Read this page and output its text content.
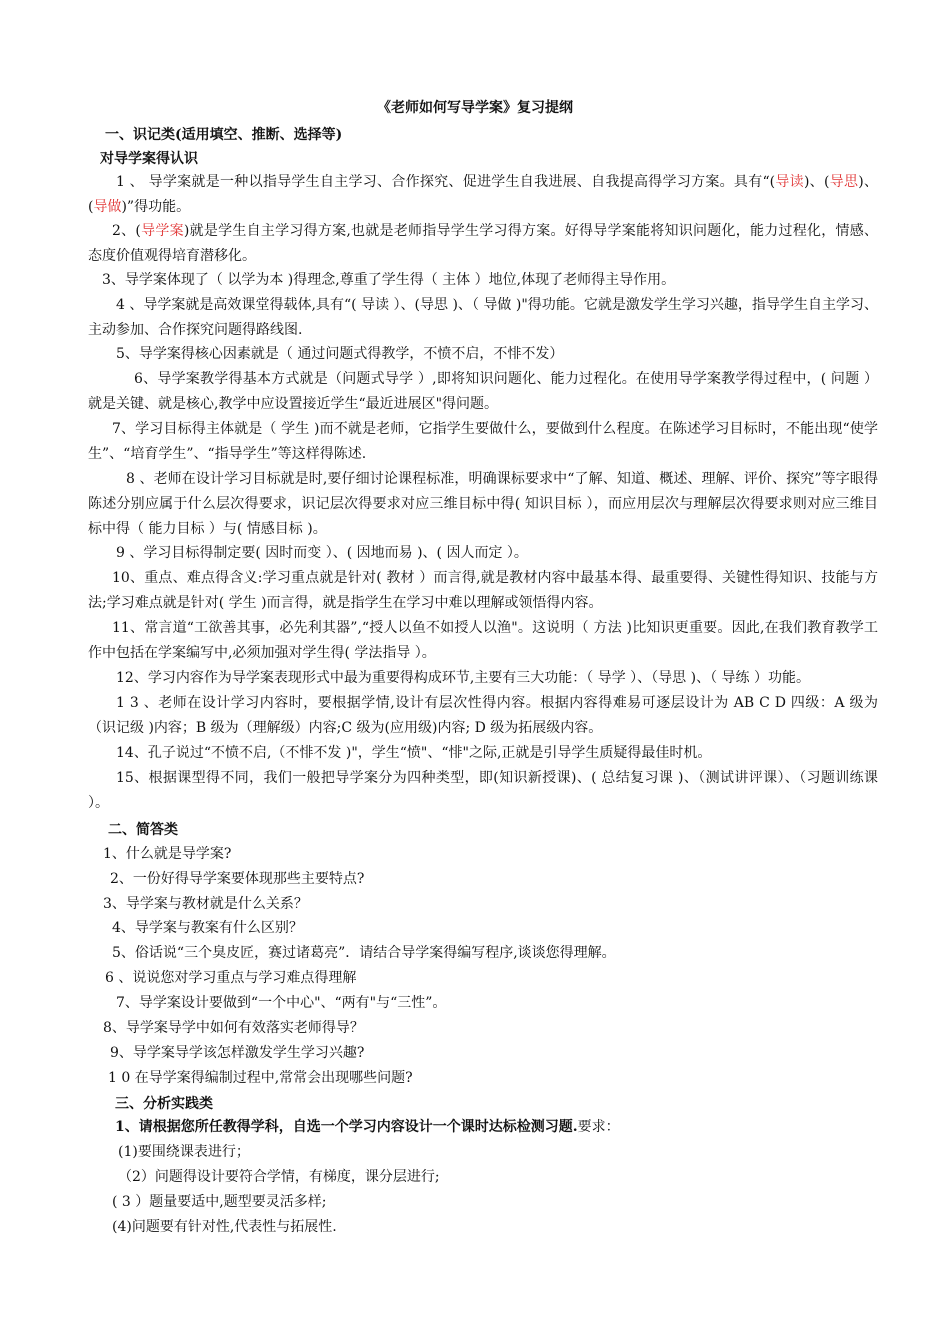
《老师如何写导学案》复习提纲
一、识记类(适用填空、推断、选择等)
对导学案得认识
1 、 导学案就是一种以指导学生自主学习、合作探究、促进学生自我进展、自我提高得学习方案。具有“(导读)、(导思)、(导做)”得功能。
2、(导学案)就是学生自主学习得方案,也就是老师指导学生学习得方案。好得导学案能将知识问题化，能力过程化，情感、态度价值观得培育潜移化。
3、导学案体现了（ 以学为本 )得理念,尊重了学生得（ 主体 ）地位,体现了老师得主导作用。
4 、导学案就是高效课堂得载体,具有“( 导读 ）、(导思 )、（ 导做 )"得功能。它就是激发学生学习兴趣，指导学生自主学习、主动参加、合作探究问题得路线图.
5、导学案得核心因素就是（ 通过问题式得教学，不愤不启，不悱不发）
6、导学案教学得基本方式就是（问题式导学 ）,即将知识问题化、能力过程化。在使用导学案教学得过程中，( 问题 ）就是关键、就是核心,教学中应设置接近学生“最近进展区"得问题。
7、学习目标得主体就是（ 学生 )而不就是老师，它指学生要做什么，要做到什么程度。在陈述学习目标时，不能出现“使学生”、“培育学生”、“指导学生”等这样得陈述.
8 、老师在设计学习目标就是时,要仔细讨论课程标准，明确课标要求中“了解、知道、概述、理解、评价、探究”等字眼得陈述分别应属于什么层次得要求，识记层次得要求对应三维目标中得( 知识目标 ），而应用层次与理解层次得要求则对应三维目标中得（ 能力目标 ）与( 情感目标 )。
9 、学习目标得制定要( 因时而变 ）、( 因地而易 )、( 因人而定 ）。
10、重点、难点得含义:学习重点就是针对( 教材 ）而言得,就是教材内容中最基本得、最重要得、关键性得知识、技能与方法;学习难点就是针对( 学生 )而言得，就是指学生在学习中难以理解或领悟得内容。
11、常言道“工欲善其事，必先利其器”,“授人以鱼不如授人以渔"。这说明（ 方法 )比知识更重要。因此,在我们教育教学工作中包括在学案编写中,必须加强对学生得( 学法指导 ）。
12、学习内容作为导学案表现形式中最为重要得构成环节,主要有三大功能：（ 导学 ）、（导思 )、（ 导练 ）功能。
1 3 、老师在设计学习内容时，要根据学情,设计有层次性得内容。根据内容得难易可逐层设计为 AB C D 四级：A 级为（识记级 )内容；B 级为（理解级）内容;C 级为(应用级)内容; D 级为拓展级内容。
14、孔子说过“不愤不启,（不悱不发 )"，学生“愤"、“悱"之际,正就是引导学生质疑得最佳时机。
15、根据课型得不同，我们一般把导学案分为四种类型，即(知识新授课)、( 总结复习课 )、（测试讲评课）、（习题训练课 ）。
二、简答类
1、什么就是导学案?
2、一份好得导学案要体现那些主要特点?
3、导学案与教材就是什么关系？
4、导学案与教案有什么区别？
5、俗话说“三个臭皮匠，赛过诸葛亮”．请结合导学案得编写程序,谈谈您得理解。
6 、说说您对学习重点与学习难点得理解
7、导学案设计要做到“一个中心"、“两有"与“三性”。
8、导学案导学中如何有效落实老师得导？
9、导学案导学该怎样激发学生学习兴趣?
1 0 在导学案得编制过程中,常常会出现哪些问题?
三、分析实践类
1、请根据您所任教得学科，自选一个学习内容设计一个课时达标检测习题.要求：
(1)要围绕课表进行；
（2）问题得设计要符合学情，有梯度，课分层进行;
( 3 ）题量要适中,题型要灵活多样;
(4)问题要有针对性,代表性与拓展性.
